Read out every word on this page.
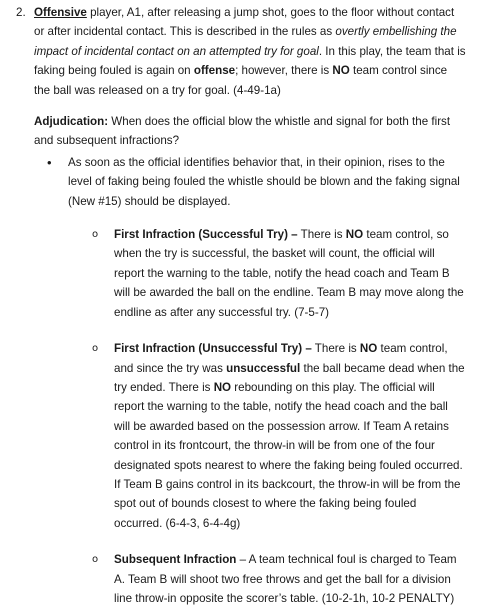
2. Offensive player, A1, after releasing a jump shot, goes to the floor without contact or after incidental contact. This is described in the rules as overtly embellishing the impact of incidental contact on an attempted try for goal. In this play, the team that is faking being fouled is again on offense; however, there is NO team control since the ball was released on a try for goal. (4-49-1a)

Adjudication: When does the official blow the whistle and signal for both the first and subsequent infractions?

• As soon as the official identifies behavior that, in their opinion, rises to the level of faking being fouled the whistle should be blown and the faking signal (New #15) should be displayed.
o First Infraction (Successful Try) – There is NO team control, so when the try is successful, the basket will count, the official will report the warning to the table, notify the head coach and Team B will be awarded the ball on the endline. Team B may move along the endline as after any successful try. (7-5-7)
o First Infraction (Unsuccessful Try) – There is NO team control, and since the try was unsuccessful the ball became dead when the try ended. There is NO rebounding on this play. The official will report the warning to the table, notify the head coach and the ball will be awarded based on the possession arrow. If Team A retains control in its frontcourt, the throw-in will be from one of the four designated spots nearest to where the faking being fouled occurred. If Team B gains control in its backcourt, the throw-in will be from the spot out of bounds closest to where the faking being fouled occurred. (6-4-3, 6-4-4g)
o Subsequent Infraction – A team technical foul is charged to Team A. Team B will shoot two free throws and get the ball for a division line throw-in opposite the scorer’s table. (10-2-1h, 10-2 PENALTY)
